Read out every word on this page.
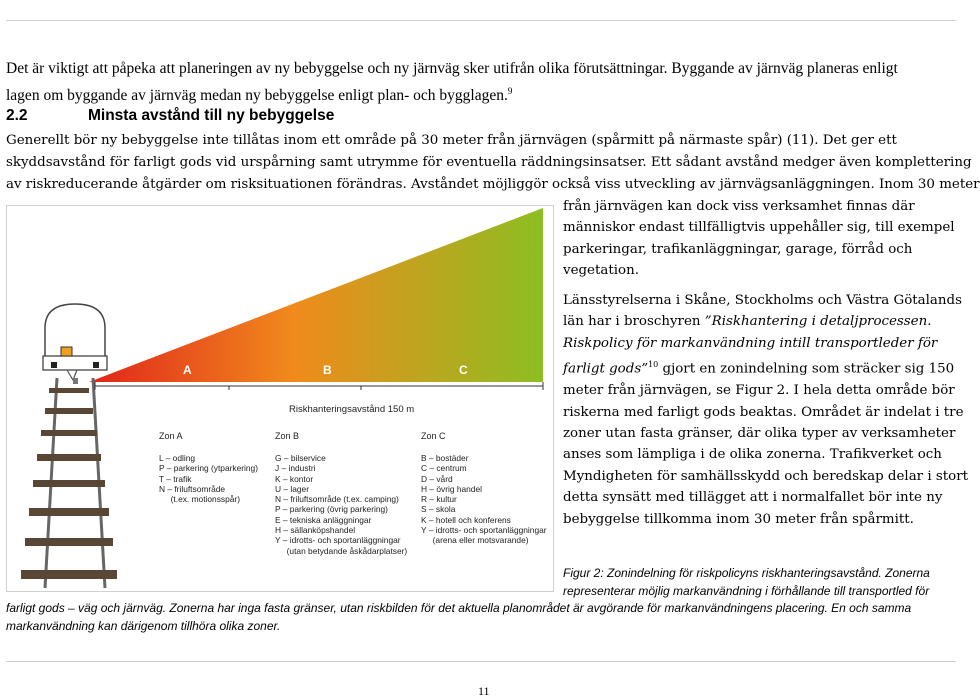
Det är viktigt att påpeka att planeringen av ny bebyggelse och ny järnväg sker utifrån olika förutsättningar. Byggande av järnväg planeras enligt
lagen om byggande av järnväg medan ny bebyggelse enligt plan- och bygglagen.$^9$
2.2	Minsta avstånd till ny bebyggelse
Generellt bör ny bebyggelse inte tillåtas inom ett område på 30 meter från järnvägen (spårmitt på närmaste spår) (11). Det ger ett
skyddsavstånd för farligt gods vid urspårning samt utrymme för eventuella räddningsinsatser. Ett sådant avstånd medger även komplettering
av riskreducerande åtgärder om risksituationen förändras. Avståndet möjliggör också viss utveckling av järnvägsanläggningen. Inom 30 meter
från järnvägen kan dock viss verksamhet finnas där
människor endast tillfälligtvis uppehåller sig, till exempel
parkeringar, trafikanläggningar, garage, förråd och
vegetation.
Länsstyrelserna i Skåne, Stockholms och Västra Götalands
län har i broschyren ”Riskhantering i detaljprocessen.
Riskpolicy för markanvändning intill transportleder för
farligt gods”$^{10}$ gjort en zonindelning som sträcker sig 150
meter från järnvägen, se Figur 2. I hela detta område bör
riskerna med farligt gods beaktas. Området är indelat i tre
zoner utan fasta gränser, där olika typer av verksamheter
anses som lämpliga i de olika zonerna. Trafikverket och
Myndigheten för samhällsskydd och beredskap delar i stort
detta synsätt med tillägget att i normalfallet bör inte ny
bebyggelse tillkomma inom 30 meter från spårmitt.
A	B	C
Riskhanteringsavstånd 150 m
Zon A	Zon B	Zon C
L – odling
P – parkering (ytparkering)
T – trafik
N – friluftsområde
(t.ex. motionsspår)
G – bilservice
J – industri
K – kontor
U – lager
N – friluftsområde (t.ex. camping)
P – parkering (övrig parkering)
E – tekniska anläggningar
H – sällanköpshandel
Y – idrotts- och sportanläggningar
(utan betydande åskådarplatser)
B – bostäder
C – centrum
D – vård
H – övrig handel
R – kultur
S – skola
K – hotell och konferens
Y – idrotts- och sportanläggningar
(arena eller motsvarande)
Figur 2: Zonindelning för riskpolicyns riskhanteringsavstånd. Zonerna
representerar möjlig markanvändning i förhållande till transportled för
farligt gods – väg och järnväg. Zonerna har inga fasta gränser, utan riskbilden för det aktuella planområdet är avgörande för markanvändningens placering. En och samma
markanvändning kan därigenom tillhöra olika zoner.
11
